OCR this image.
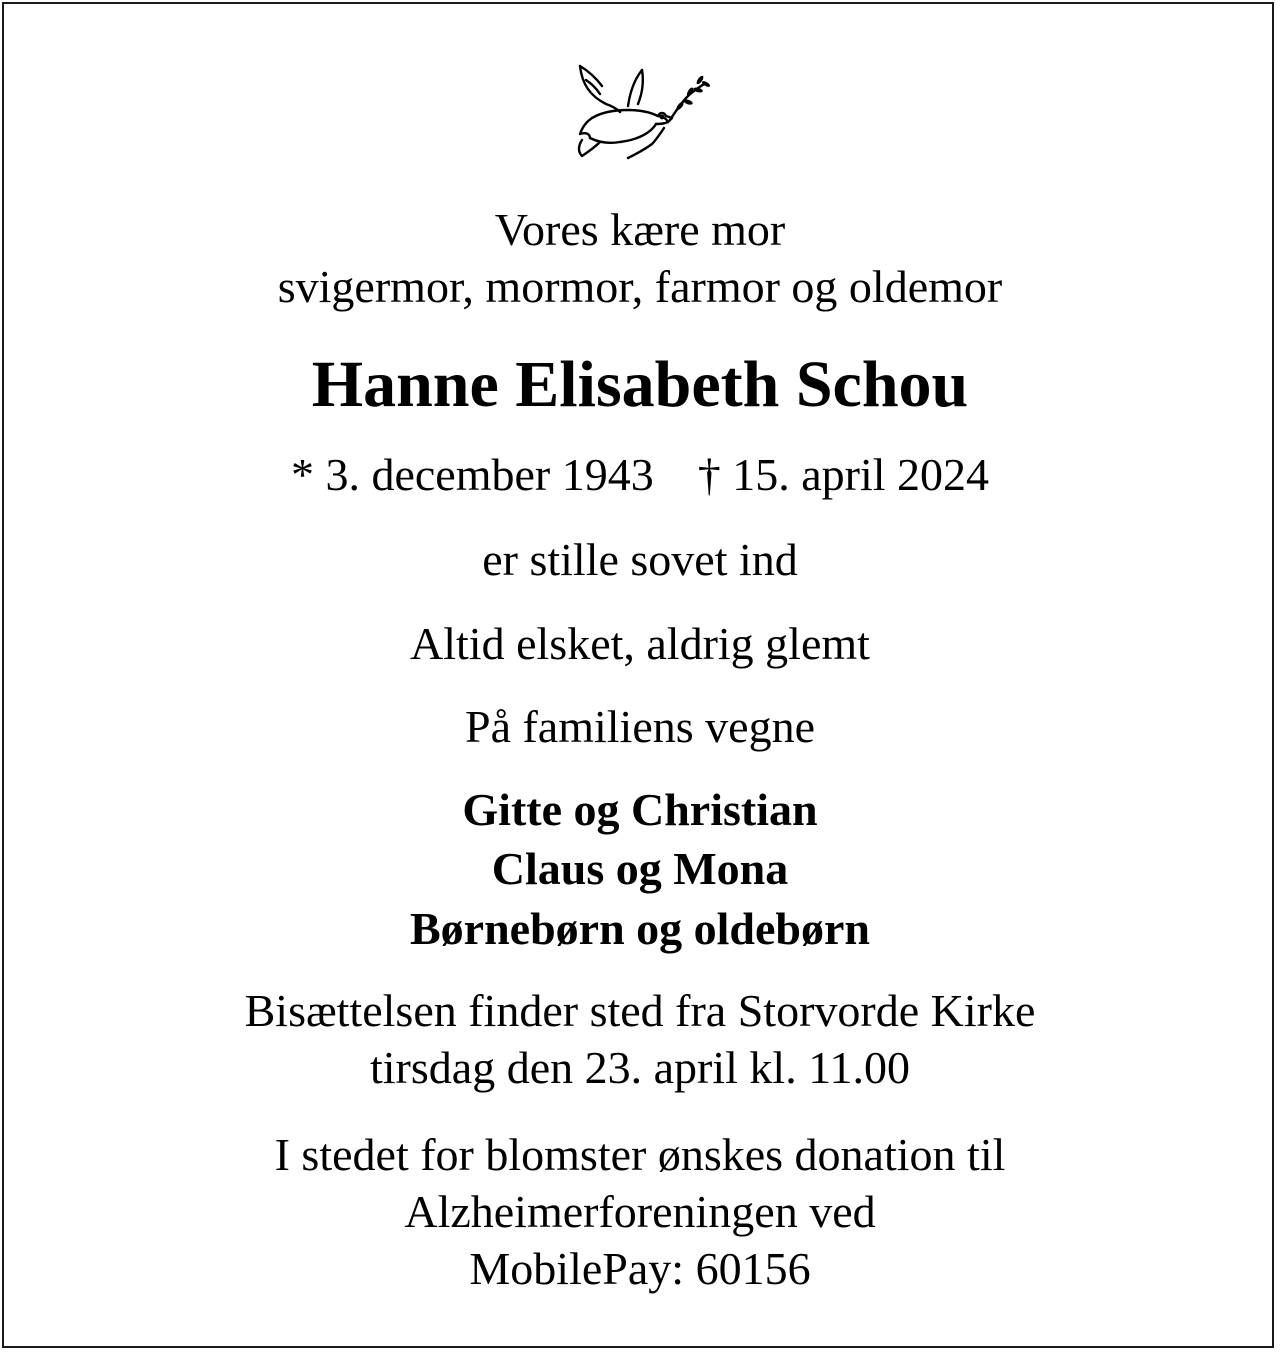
Vores kære mor
svigermor, mormor, farmor og oldemor
Hanne Elisabeth Schou
* 3. december 1943 † 15. april 2024
er stille sovet ind
Altid elsket, aldrig glemt
På familiens vegne
Gitte og Christian
Claus og Mona
Børnebørn og oldebørn
Bisættelsen finder sted fra Storvorde Kirke
tirsdag den 23. april kl. 11.00
I stedet for blomster ønskes donation til
Alzheimerforeningen ved
MobilePay: 60156
